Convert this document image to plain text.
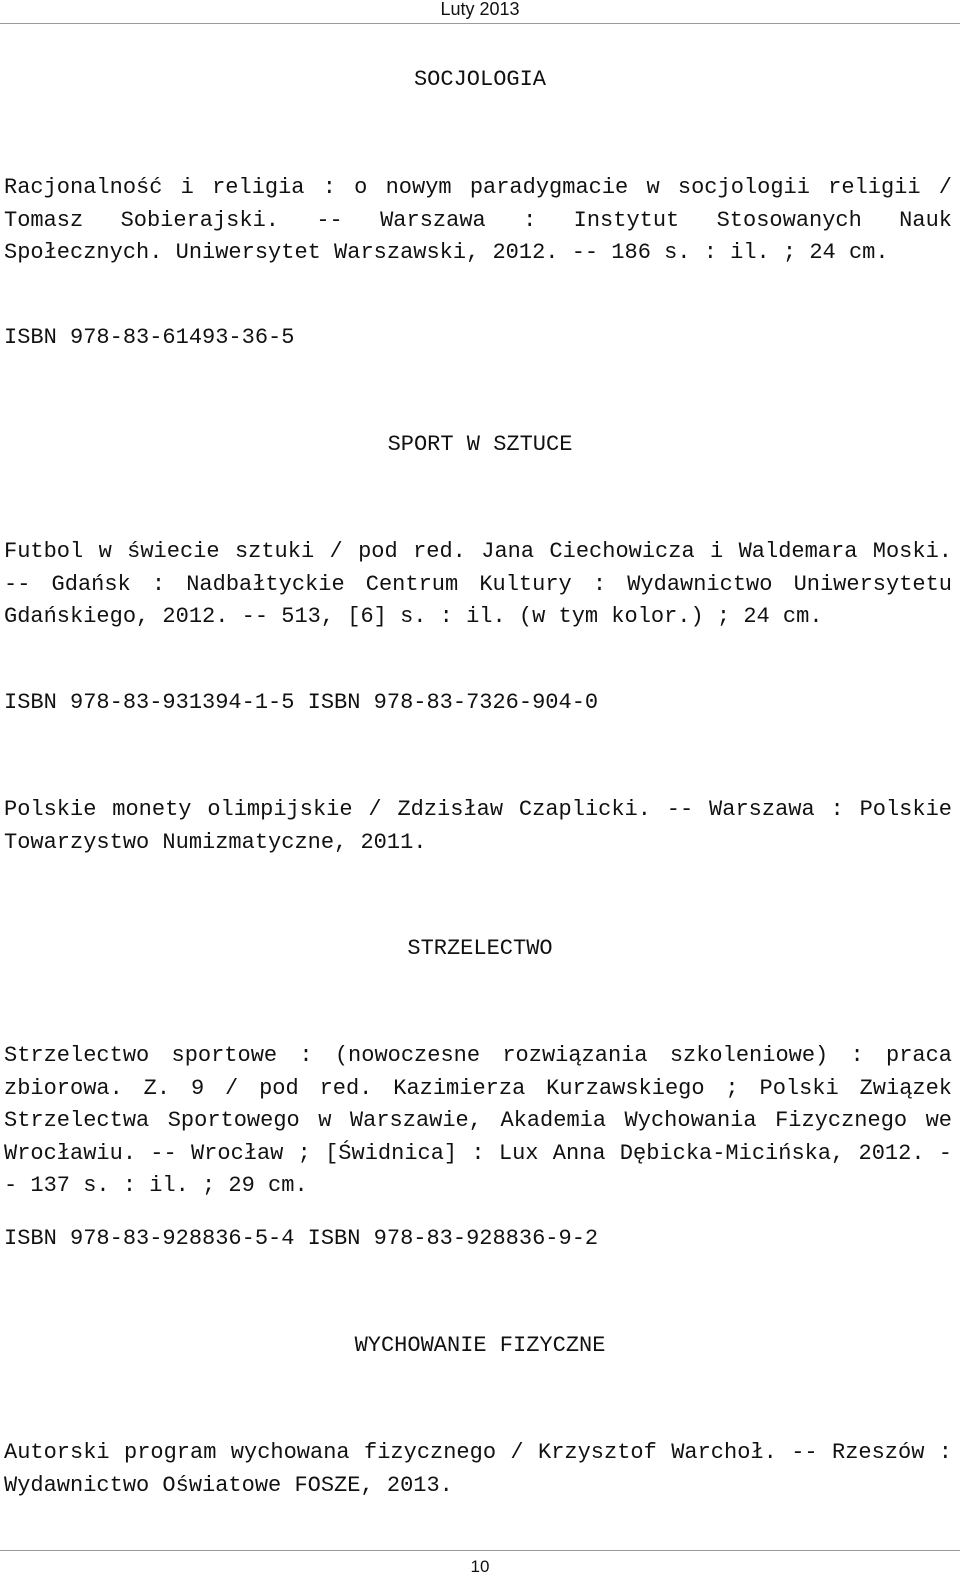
Luty 2013
SOCJOLOGIA
Racjonalność i religia : o nowym paradygmacie w socjologii religii / Tomasz Sobierajski. -- Warszawa : Instytut Stosowanych Nauk Społecznych. Uniwersytet Warszawski, 2012. -- 186 s. : il. ; 24 cm.
ISBN 978-83-61493-36-5
SPORT W SZTUCE
Futbol w świecie sztuki / pod red. Jana Ciechowicza i Waldemara Moski. -- Gdańsk : Nadbałtyckie Centrum Kultury : Wydawnictwo Uniwersytetu Gdańskiego, 2012. -- 513, [6] s. : il. (w tym kolor.) ; 24 cm.
ISBN 978-83-931394-1-5 ISBN 978-83-7326-904-0
Polskie monety olimpijskie / Zdzisław Czaplicki. -- Warszawa : Polskie Towarzystwo Numizmatyczne, 2011.
STRZELECTWO
Strzelectwo sportowe : (nowoczesne rozwiązania szkoleniowe) : praca zbiorowa. Z. 9 / pod red. Kazimierza Kurzawskiego ; Polski Związek Strzelectwa Sportowego w Warszawie, Akademia Wychowania Fizycznego we Wrocławiu. -- Wrocław ; [Świdnica] : Lux Anna Dębicka-Micińska, 2012. -- 137 s. : il. ; 29 cm.
ISBN 978-83-928836-5-4 ISBN 978-83-928836-9-2
WYCHOWANIE FIZYCZNE
Autorski program wychowana fizycznego / Krzysztof Warchoł. -- Rzeszów : Wydawnictwo Oświatowe FOSZE, 2013.
10
